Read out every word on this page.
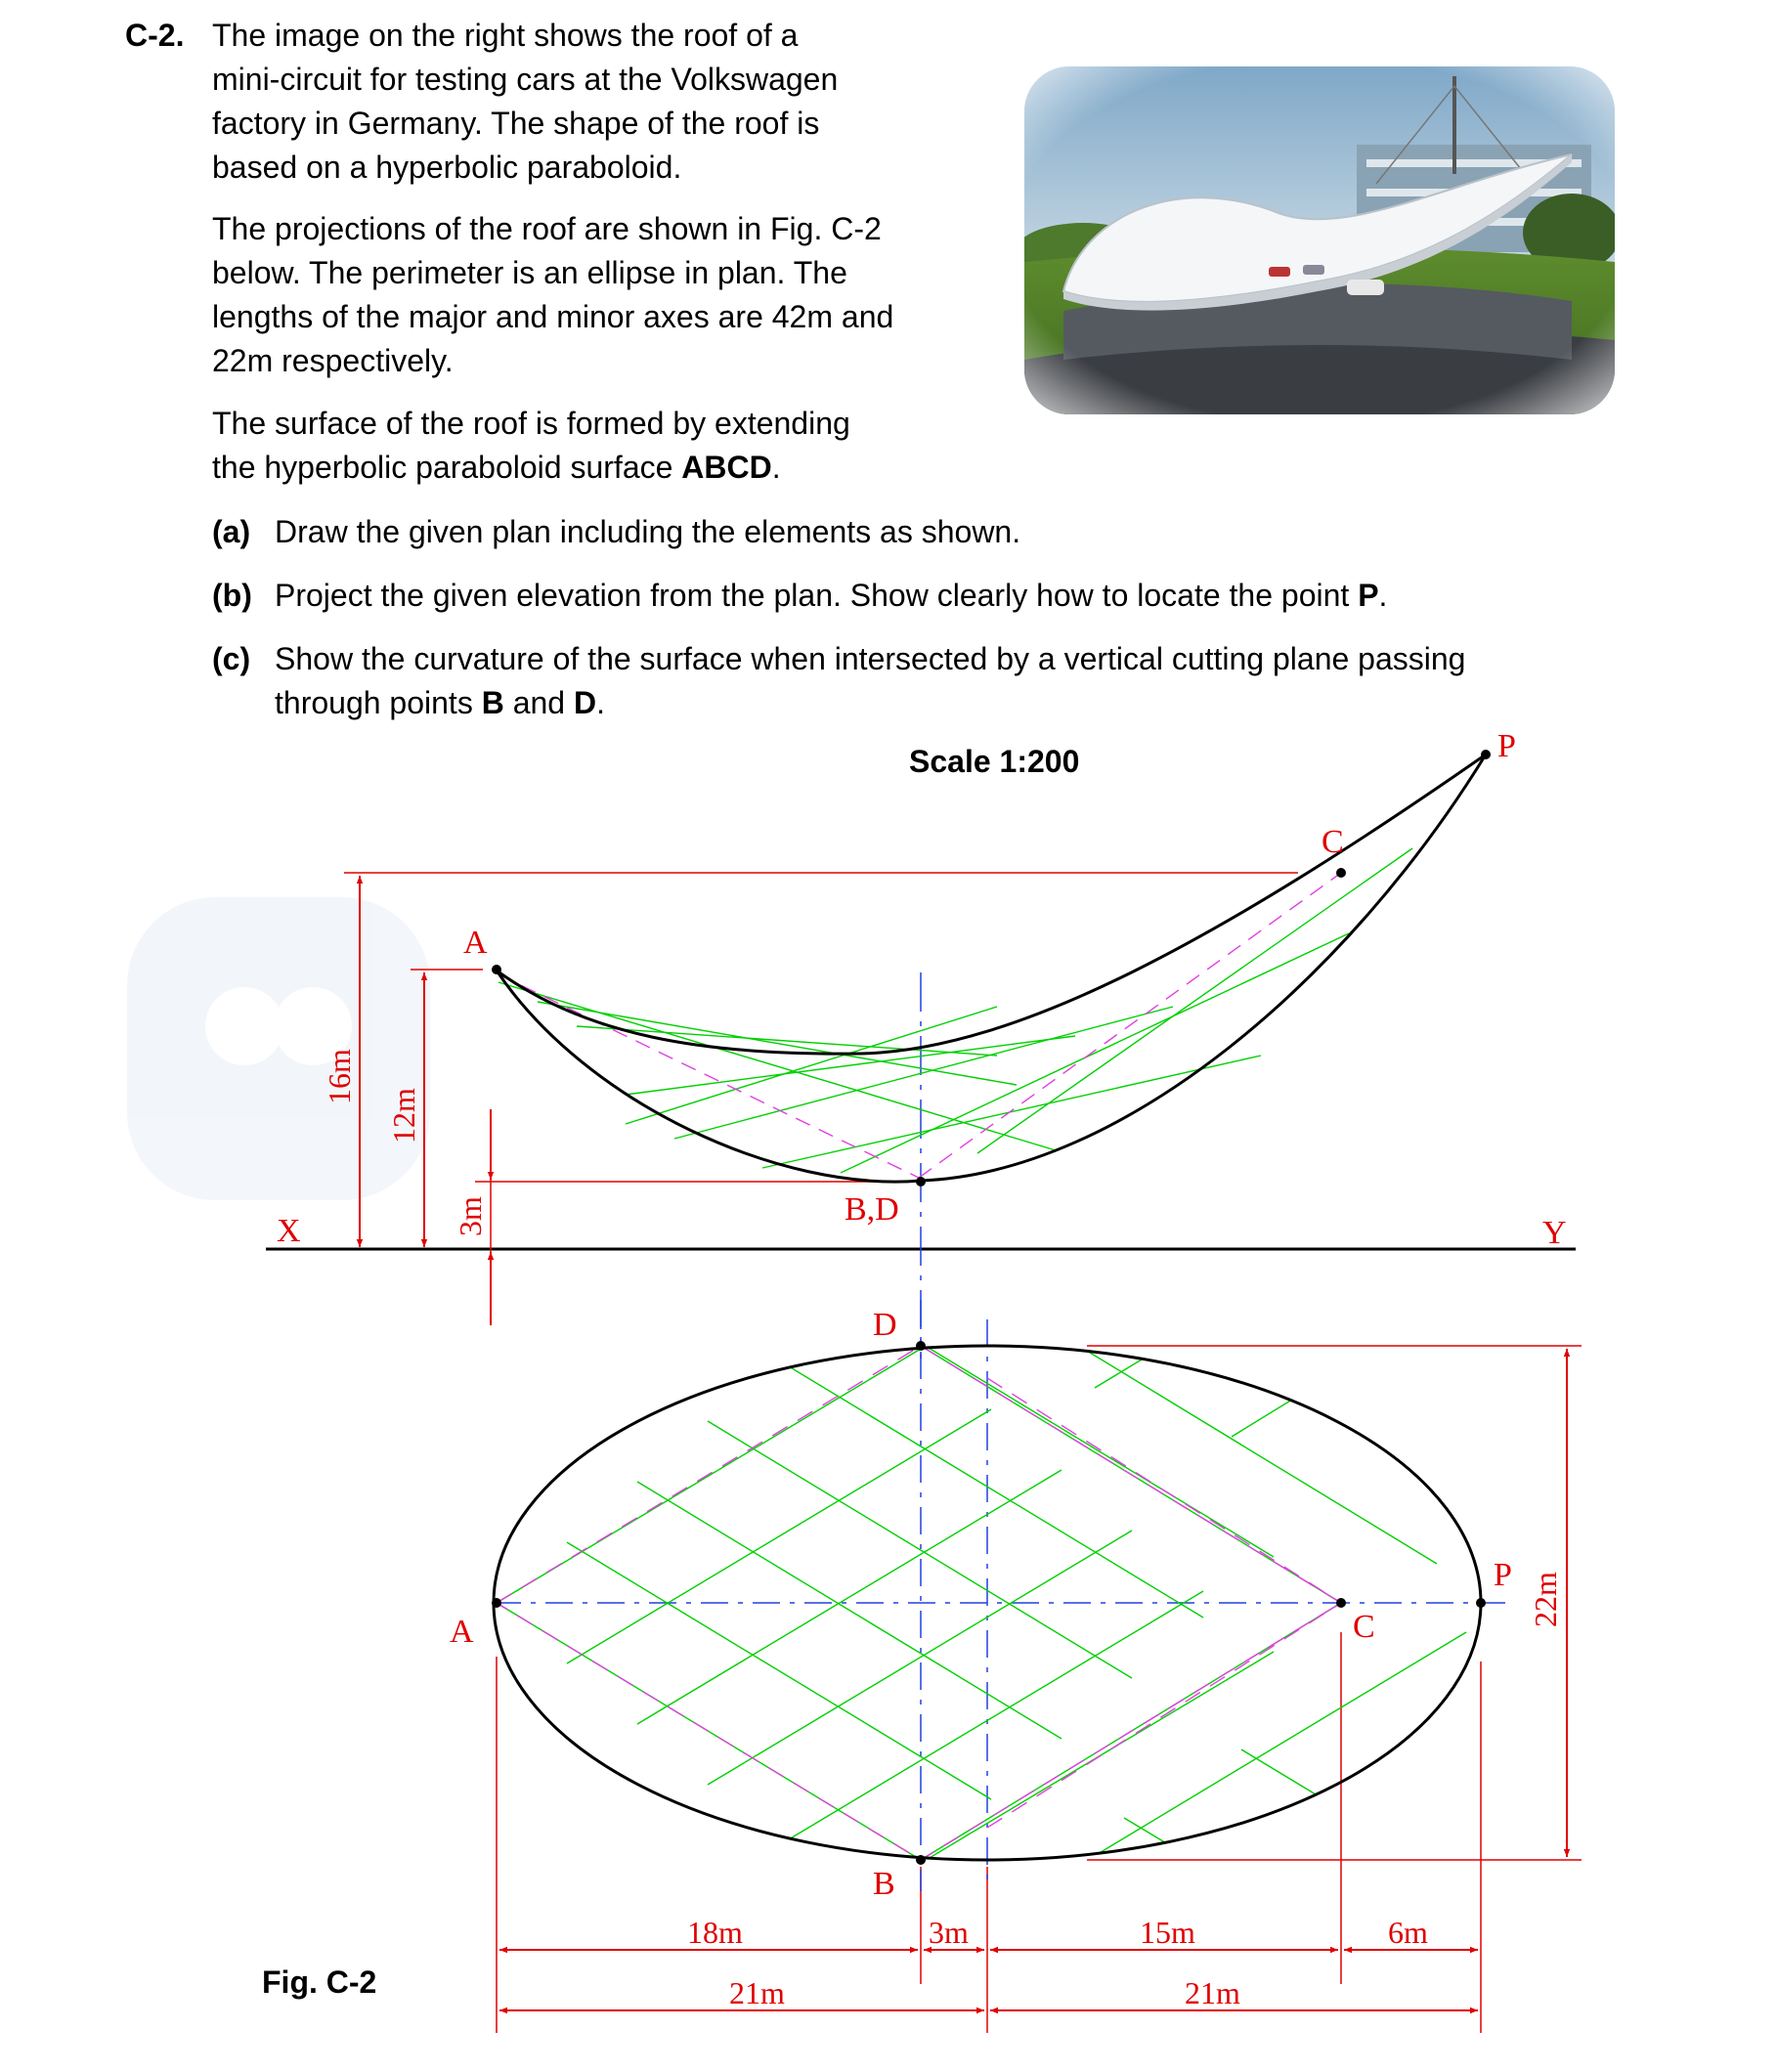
C-2. The image on the right shows the roof of a
mini-circuit for testing cars at the Volkswagen
factory in Germany. The shape of the roof is
based on a hyperbolic paraboloid.
The projections of the roof are shown in Fig. C-2
below. The perimeter is an ellipse in plan. The
lengths of the major and minor axes are 42m and
22m respectively.
The surface of the roof is formed by extending
the hyperbolic paraboloid surface ABCD.
(a) Draw the given plan including the elements as shown.
(b) Project the given elevation from the plan. Show clearly how to locate the point P.
(c) Show the curvature of the surface when intersected by a vertical cutting plane passing
through points B and D.
Scale 1:200
Fig. C-2
X	Y
16m
12m
3m
A
C
P
B,D
A
D
B
C
P 22m
18m	3m	15m	6m
21m	21m
